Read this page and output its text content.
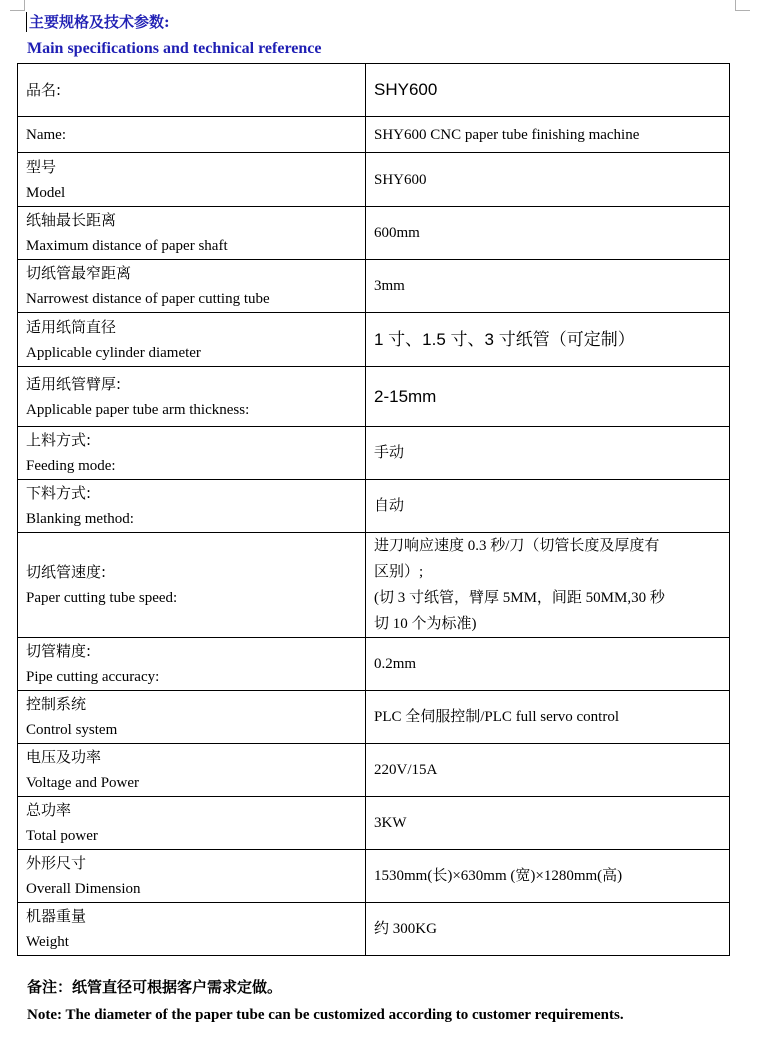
主要规格及技术参数:
Main specifications and technical reference
品名:	SHY600

Name:	SHY600 CNC paper tube finishing machine

型号
Model	SHY600

纸轴最长距离
Maximum distance of paper shaft	600mm

切纸管最窄距离
Narrowest distance of paper cutting tube	3mm

适用纸筒直径
Applicable cylinder diameter	1 寸、1.5 寸、3 寸纸管（可定制）

适用纸管臂厚:
Applicable paper tube arm thickness:	2-15mm

上料方式:
Feeding mode:	手动

下料方式:
Blanking method:	自动

切纸管速度:
Paper cutting tube speed:	进刀响应速度 0.3 秒/刀（切管长度及厚度有
区别）;
(切 3 寸纸管，臂厚 5MM，间距 50MM,30 秒
切 10 个为标准)

切管精度:
Pipe cutting accuracy:	0.2mm

控制系统
Control system	PLC 全伺服控制/PLC full servo control

电压及功率
Voltage and Power	220V/15A

总功率
Total power	3KW

外形尺寸
Overall Dimension	1530mm(长)×630mm (宽)×1280mm(高)

机器重量
Weight	约 300KG
备注：纸管直径可根据客户需求定做。
Note: The diameter of the paper tube can be customized according to customer requirements.
